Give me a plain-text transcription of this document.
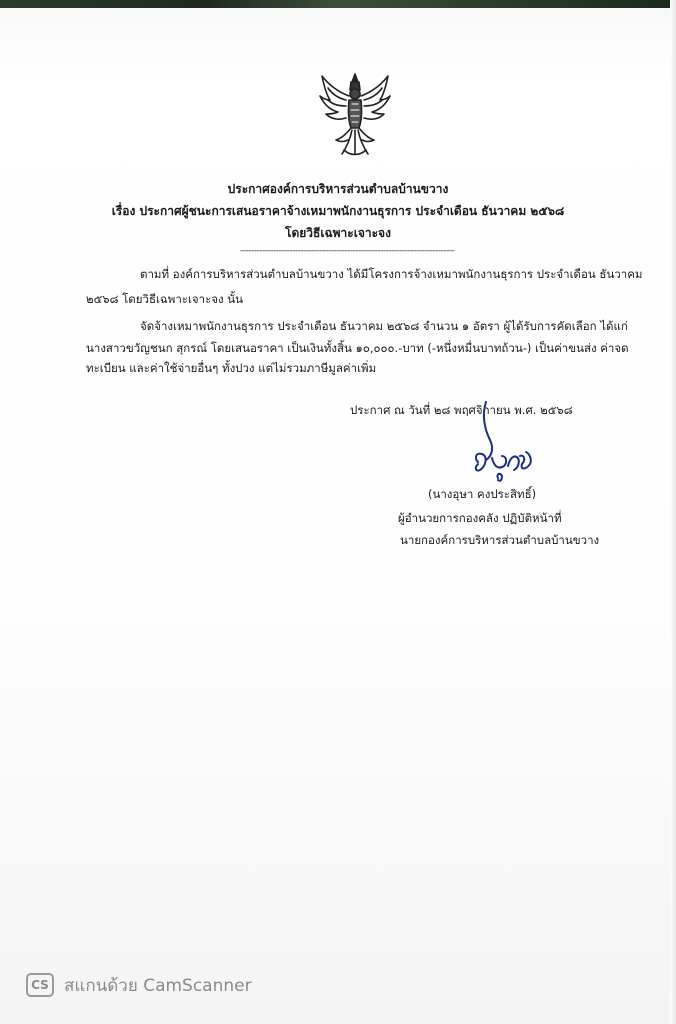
ประกาศองค์การบริหารส่วนตำบลบ้านขวาง
เรื่อง ประกาศผู้ชนะการเสนอราคาจ้างเหมาพนักงานธุรการ ประจำเดือน ธันวาคม ๒๕๖๘
โดยวิธีเฉพาะเจาะจง
------------------------------------------------------------------------------
ตามที่ องค์การบริหารส่วนตำบลบ้านขวาง ได้มีโครงการจ้างเหมาพนักงานธุรการ ประจำเดือน ธันวาคม
๒๕๖๘ โดยวิธีเฉพาะเจาะจง นั้น
จัดจ้างเหมาพนักงานธุรการ ประจำเดือน ธันวาคม ๒๕๖๘ จำนวน ๑ อัตรา ผู้ได้รับการคัดเลือก ได้แก่
นางสาวขวัญชนก สุกรณ์ โดยเสนอราคา เป็นเงินทั้งสิ้น ๑๐,๐๐๐.-บาท (-หนึ่งหมื่นบาทถ้วน-) เป็นค่าขนส่ง ค่าจด
ทะเบียน และค่าใช้จ่ายอื่นๆ ทั้งปวง แต่ไม่รวมภาษีมูลค่าเพิ่ม
ประกาศ ณ วันที่ ๒๘ พฤศจิกายน พ.ศ. ๒๕๖๘
(นางอุษา คงประสิทธิ์)
ผู้อำนวยการกองคลัง ปฏิบัติหน้าที่
นายกองค์การบริหารส่วนตำบลบ้านขวาง
CS สแกนด้วย CamScanner
